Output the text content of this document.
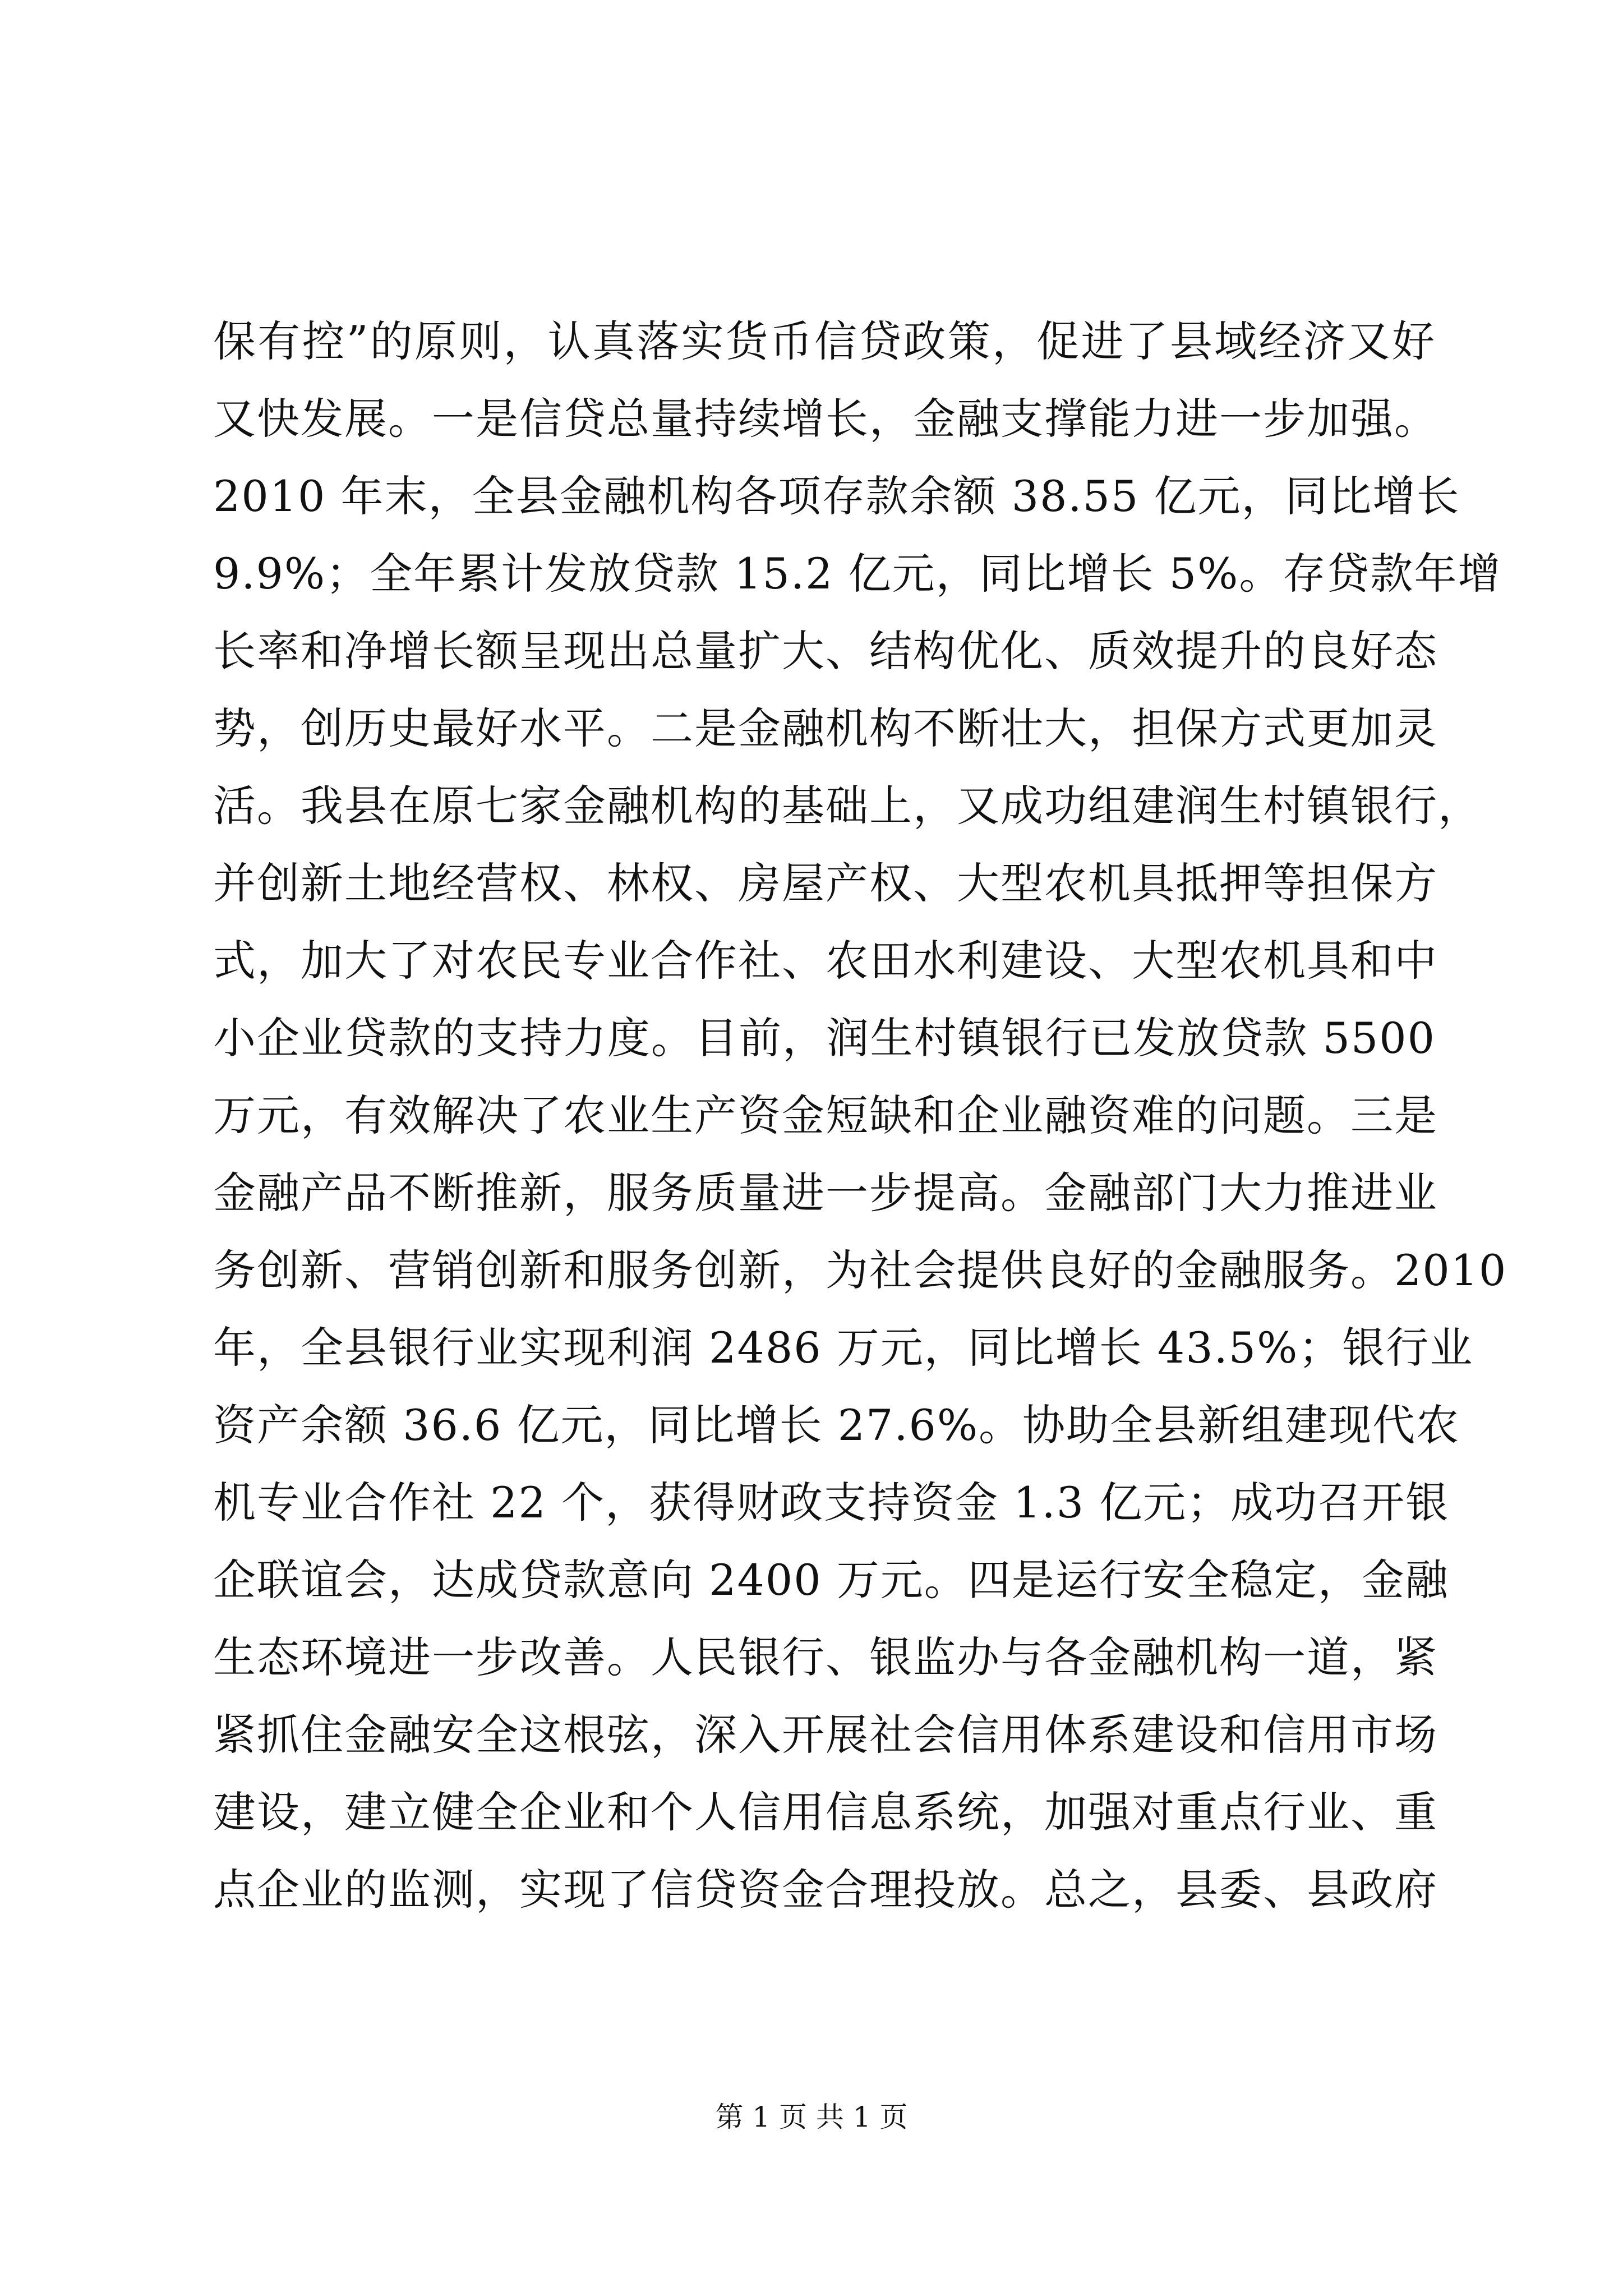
保有控”的原则，认真落实货币信贷政策，促进了县域经济又好
又快发展。一是信贷总量持续增长，金融支撑能力进一步加强。
2010 年末，全县金融机构各项存款余额 38.55 亿元，同比增长
9.9%；全年累计发放贷款 15.2 亿元，同比增长 5%。存贷款年增
长率和净增长额呈现出总量扩大、结构优化、质效提升的良好态
势，创历史最好水平。二是金融机构不断壮大，担保方式更加灵
活。我县在原七家金融机构的基础上，又成功组建润生村镇银行，
并创新土地经营权、林权、房屋产权、大型农机具抵押等担保方
式，加大了对农民专业合作社、农田水利建设、大型农机具和中
小企业贷款的支持力度。目前，润生村镇银行已发放贷款 5500
万元，有效解决了农业生产资金短缺和企业融资难的问题。三是
金融产品不断推新，服务质量进一步提高。金融部门大力推进业
务创新、营销创新和服务创新，为社会提供良好的金融服务。2010
年，全县银行业实现利润 2486 万元，同比增长 43.5%；银行业
资产余额 36.6 亿元，同比增长 27.6%。协助全县新组建现代农
机专业合作社 22 个，获得财政支持资金 1.3 亿元；成功召开银
企联谊会，达成贷款意向 2400 万元。四是运行安全稳定，金融
生态环境进一步改善。人民银行、银监办与各金融机构一道，紧
紧抓住金融安全这根弦，深入开展社会信用体系建设和信用市场
建设，建立健全企业和个人信用信息系统，加强对重点行业、重
点企业的监测，实现了信贷资金合理投放。总之，县委、县政府
第 1 页 共 1 页
